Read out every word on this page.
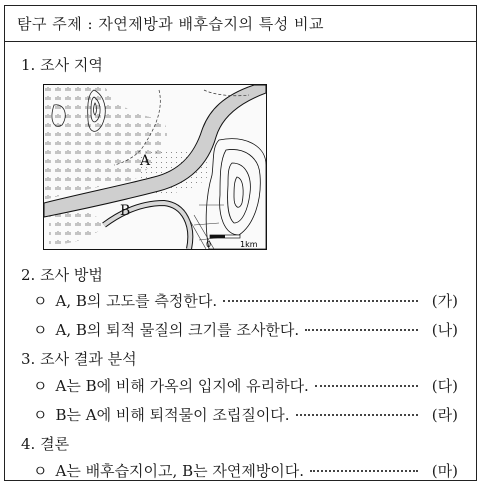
탐구 주제 : 자연제방과 배후습지의 특성 비교
1. 조사 지역
A
B
0	1km
2. 조사 방법
ㅇ A, B의 고도를 측정한다.	(가)
ㅇ A, B의 퇴적 물질의 크기를 조사한다.	(나)
3. 조사 결과 분석
ㅇ A는 B에 비해 가옥의 입지에 유리하다.	(다)
ㅇ B는 A에 비해 퇴적물이 조립질이다.	(라)
4. 결론
ㅇ A는 배후습지이고, B는 자연제방이다.	(마)
